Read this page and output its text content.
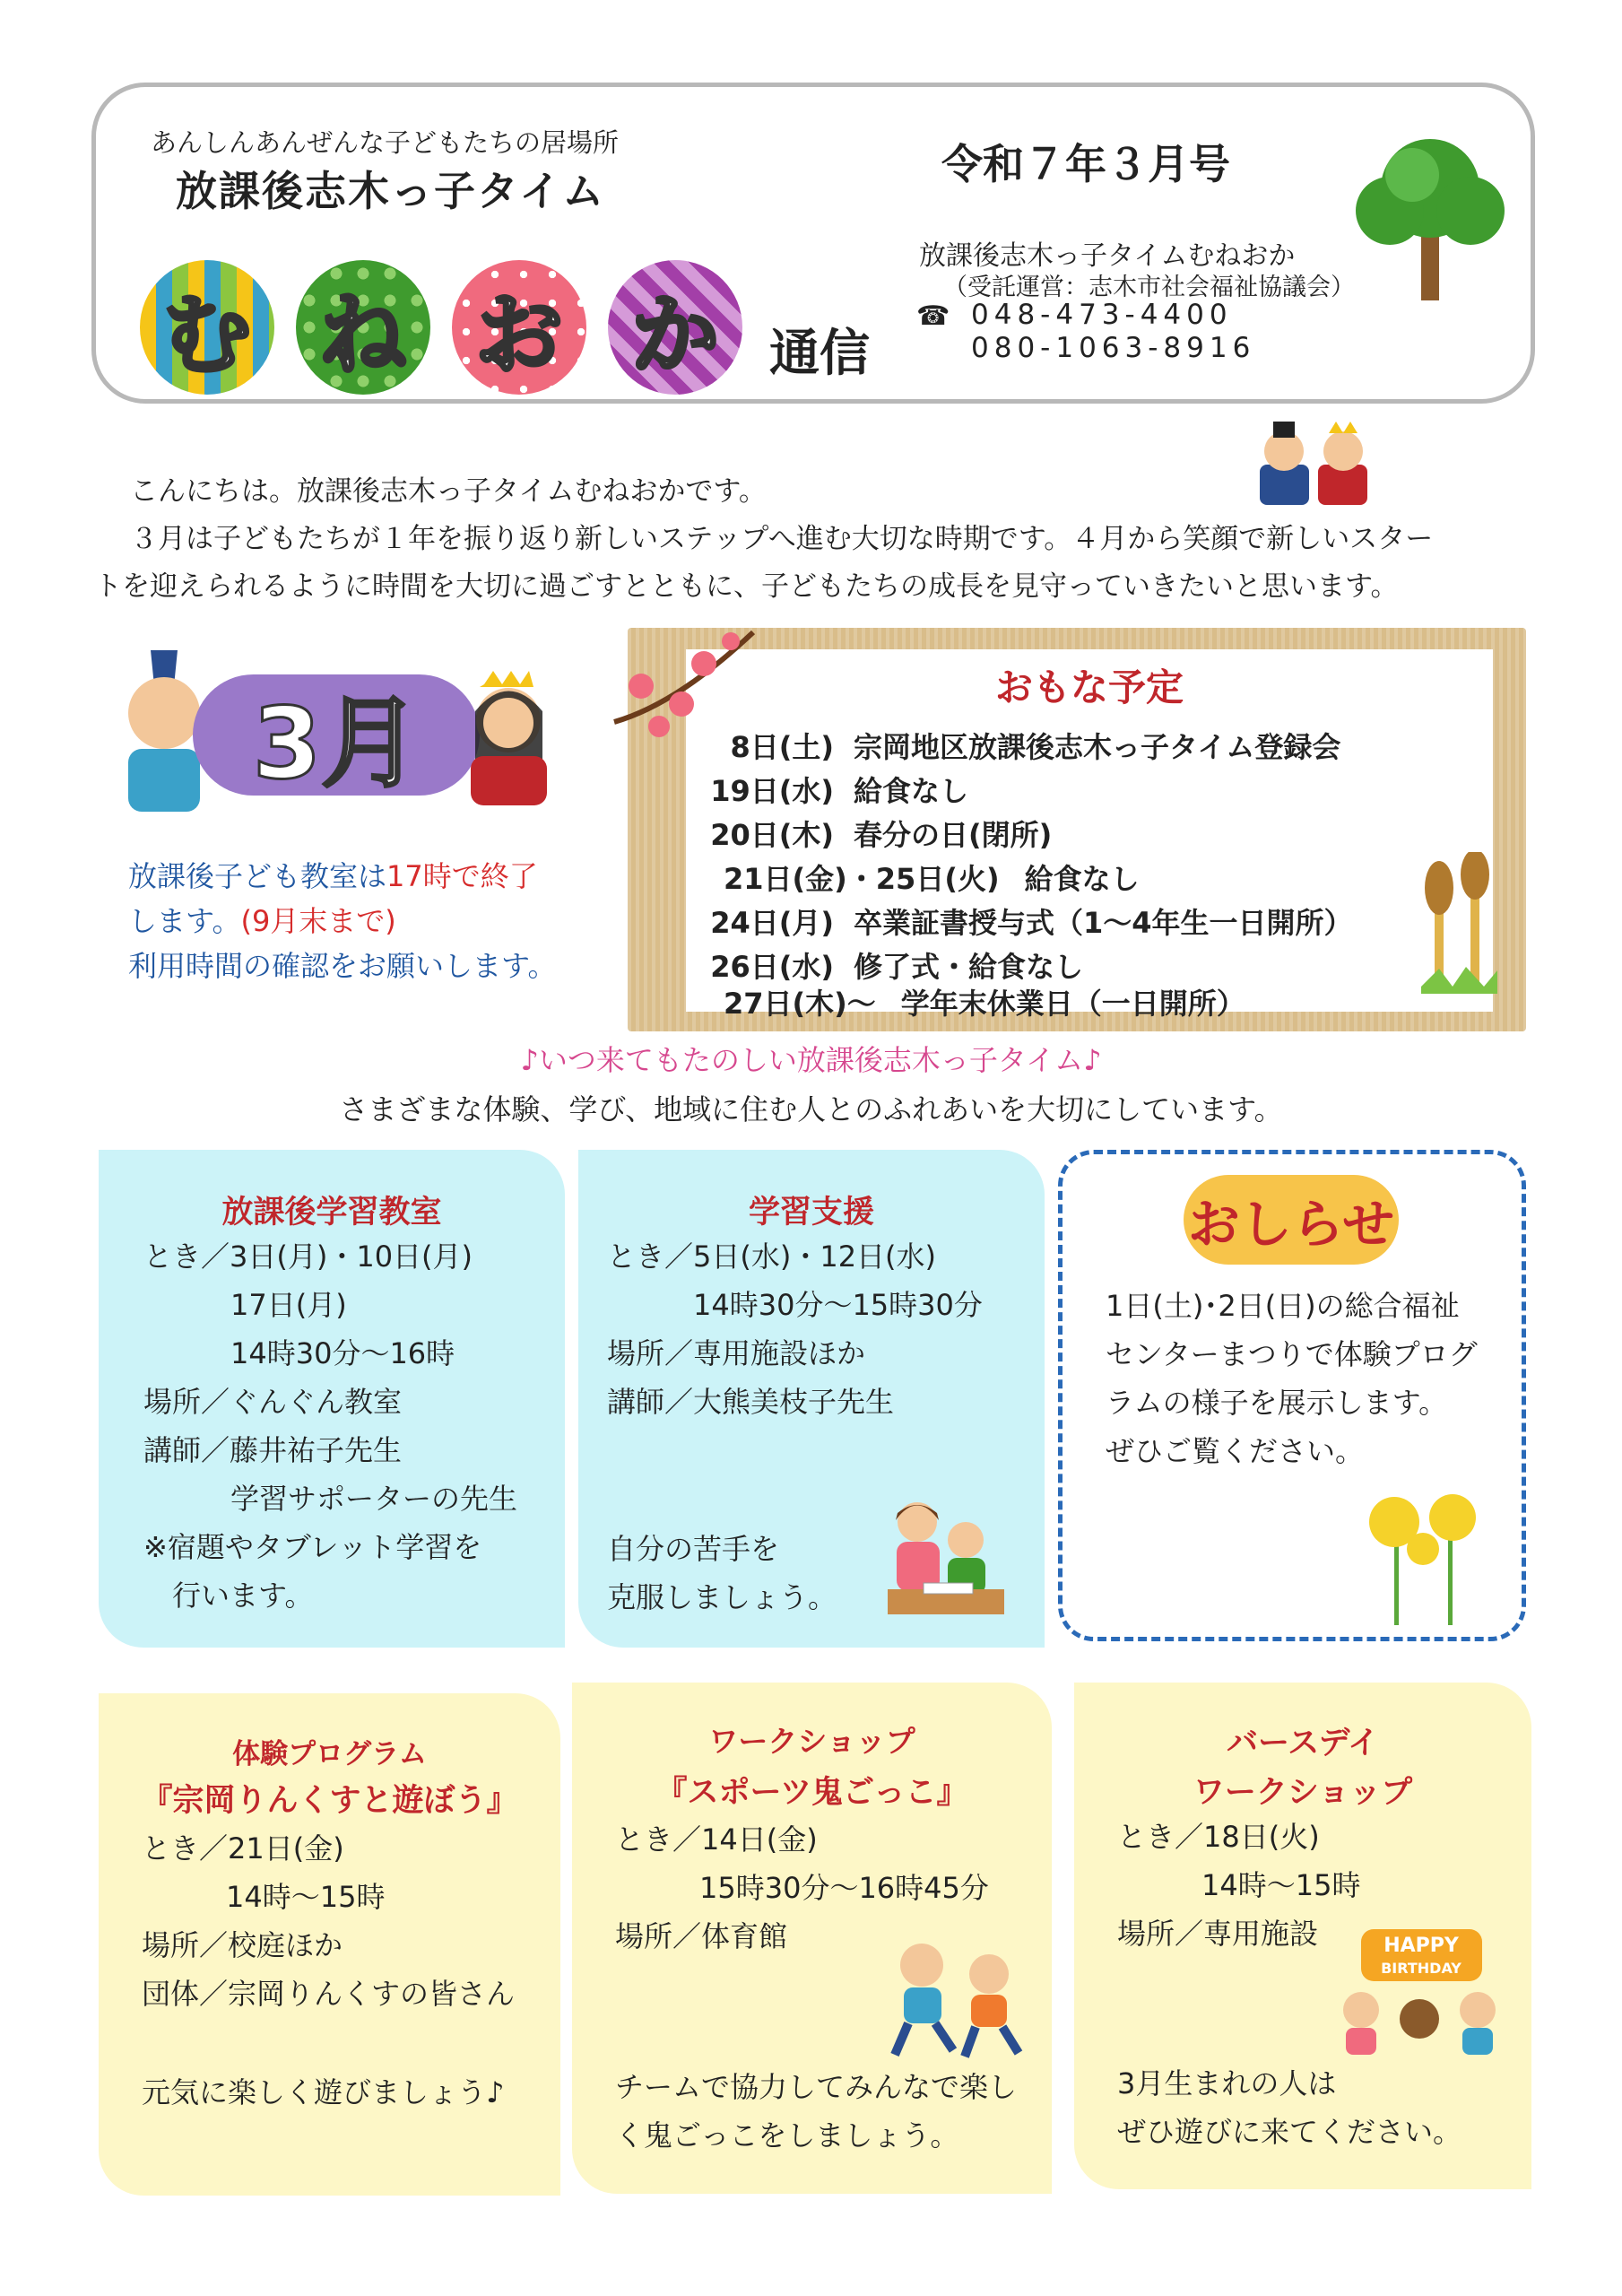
あんしんあんぜんな子どもたちの居場所
放課後志木っ子タイム
む ね お か	通信
令和７年３月号
放課後志木っ子タイムむねおか
（受託運営：志木市社会福祉協議会）
☎ 048-473-4400
080-1063-8916

こんにちは。放課後志木っ子タイムむねおかです。

３月は子どもたちが１年を振り返り新しいステップへ進む大切な時期です。４月から笑顔で新しいスター

トを迎えられるように時間を大切に過ごすとともに、子どもたちの成長を見守っていきたいと思います。

3月
放課後子ども教室は17時で終了
します。(9月末まで)
利用時間の確認をお願いします。
おもな予定
8日(土) 宗岡地区放課後志木っ子タイム登録会
19日(水) 給食なし
20日(木) 春分の日(閉所)
21日(金)・25日(火) 給食なし
24日(月) 卒業証書授与式（1～4年生一日開所）
26日(水) 修了式・給食なし
27日(木)～ 学年末休業日（一日開所）
♪いつ来てもたのしい放課後志木っ子タイム♪
さまざまな体験、学び、地域に住む人とのふれあいを大切にしています。
放課後学習教室
とき／3日(月)・10日(月)
17日(月)
14時30分～16時
場所／ぐんぐん教室
講師／藤井祐子先生
学習サポーターの先生
※宿題やタブレット学習を
行います。
学習支援
とき／5日(水)・12日(水)
14時30分～15時30分
場所／専用施設ほか
講師／大熊美枝子先生
自分の苦手を
克服しましょう。
1日(土)･2日(日)の総合福祉
センターまつりで体験プログ
ラムの様子を展示します。
ぜひご覧ください。
おしらせ
体験プログラム
『宗岡りんくすと遊ぼう』
とき／21日(金)
14時～15時
場所／校庭ほか
団体／宗岡りんくすの皆さん
元気に楽しく遊びましょう♪
ワークショップ
『スポーツ鬼ごっこ』
とき／14日(金)
15時30分～16時45分
場所／体育館
チームで協力してみんなで楽し
く鬼ごっこをしましょう。
バースデイ
ワークショップ
とき／18日(火)
14時～15時
場所／専用施設
3月生まれの人は
ぜひ遊びに来てください。
HAPPY
BIRTHDAY
